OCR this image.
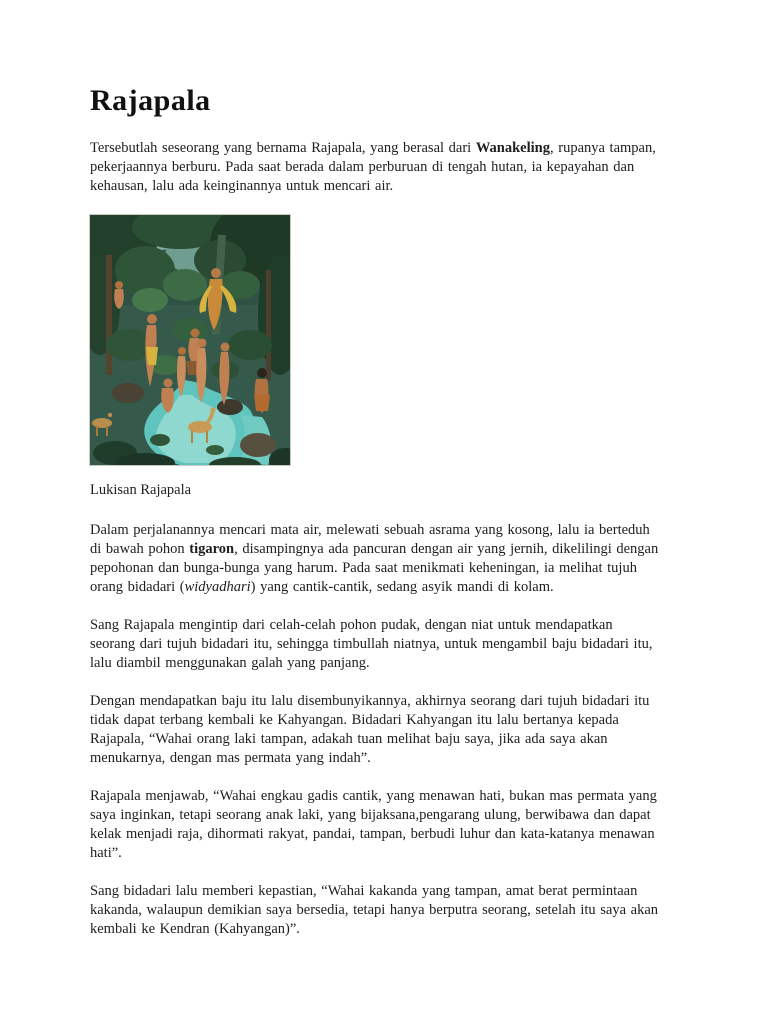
Rajapala

Tersebutlah seseorang yang bernama Rajapala, yang berasal dari Wanakeling, rupanya tampan, pekerjaannya berburu. Pada saat berada dalam perburuan di tengah hutan, ia kepayahan dan kehausan, lalu ada keinginannya untuk mencari air.

Lukisan Rajapala

Dalam perjalanannya mencari mata air, melewati sebuah asrama yang kosong, lalu ia berteduh di bawah pohon tigaron, disampingnya ada pancuran dengan air yang jernih, dikelilingi dengan pepohonan dan bunga-bunga yang harum. Pada saat menikmati keheningan, ia melihat tujuh orang bidadari (widyadhari) yang cantik-cantik, sedang asyik mandi di kolam.

Sang Rajapala mengintip dari celah-celah pohon pudak, dengan niat untuk mendapatkan seorang dari tujuh bidadari itu, sehingga timbullah niatnya, untuk mengambil baju bidadari itu, lalu diambil menggunakan galah yang panjang.

Dengan mendapatkan baju itu lalu disembunyikannya, akhirnya seorang dari tujuh bidadari itu tidak dapat terbang kembali ke Kahyangan. Bidadari Kahyangan itu lalu bertanya kepada Rajapala, “Wahai orang laki tampan, adakah tuan melihat baju saya, jika ada saya akan menukarnya, dengan mas permata yang indah”.

Rajapala menjawab, “Wahai engkau gadis cantik, yang menawan hati, bukan mas permata yang saya inginkan, tetapi seorang anak laki, yang bijaksana,pengarang ulung, berwibawa dan dapat kelak menjadi raja, dihormati rakyat, pandai, tampan, berbudi luhur dan kata-katanya menawan hati”.

Sang bidadari lalu memberi kepastian, “Wahai kakanda yang tampan, amat berat permintaan kakanda, walaupun demikian saya bersedia, tetapi hanya berputra seorang, setelah itu saya akan kembali ke Kendran (Kahyangan)”.
